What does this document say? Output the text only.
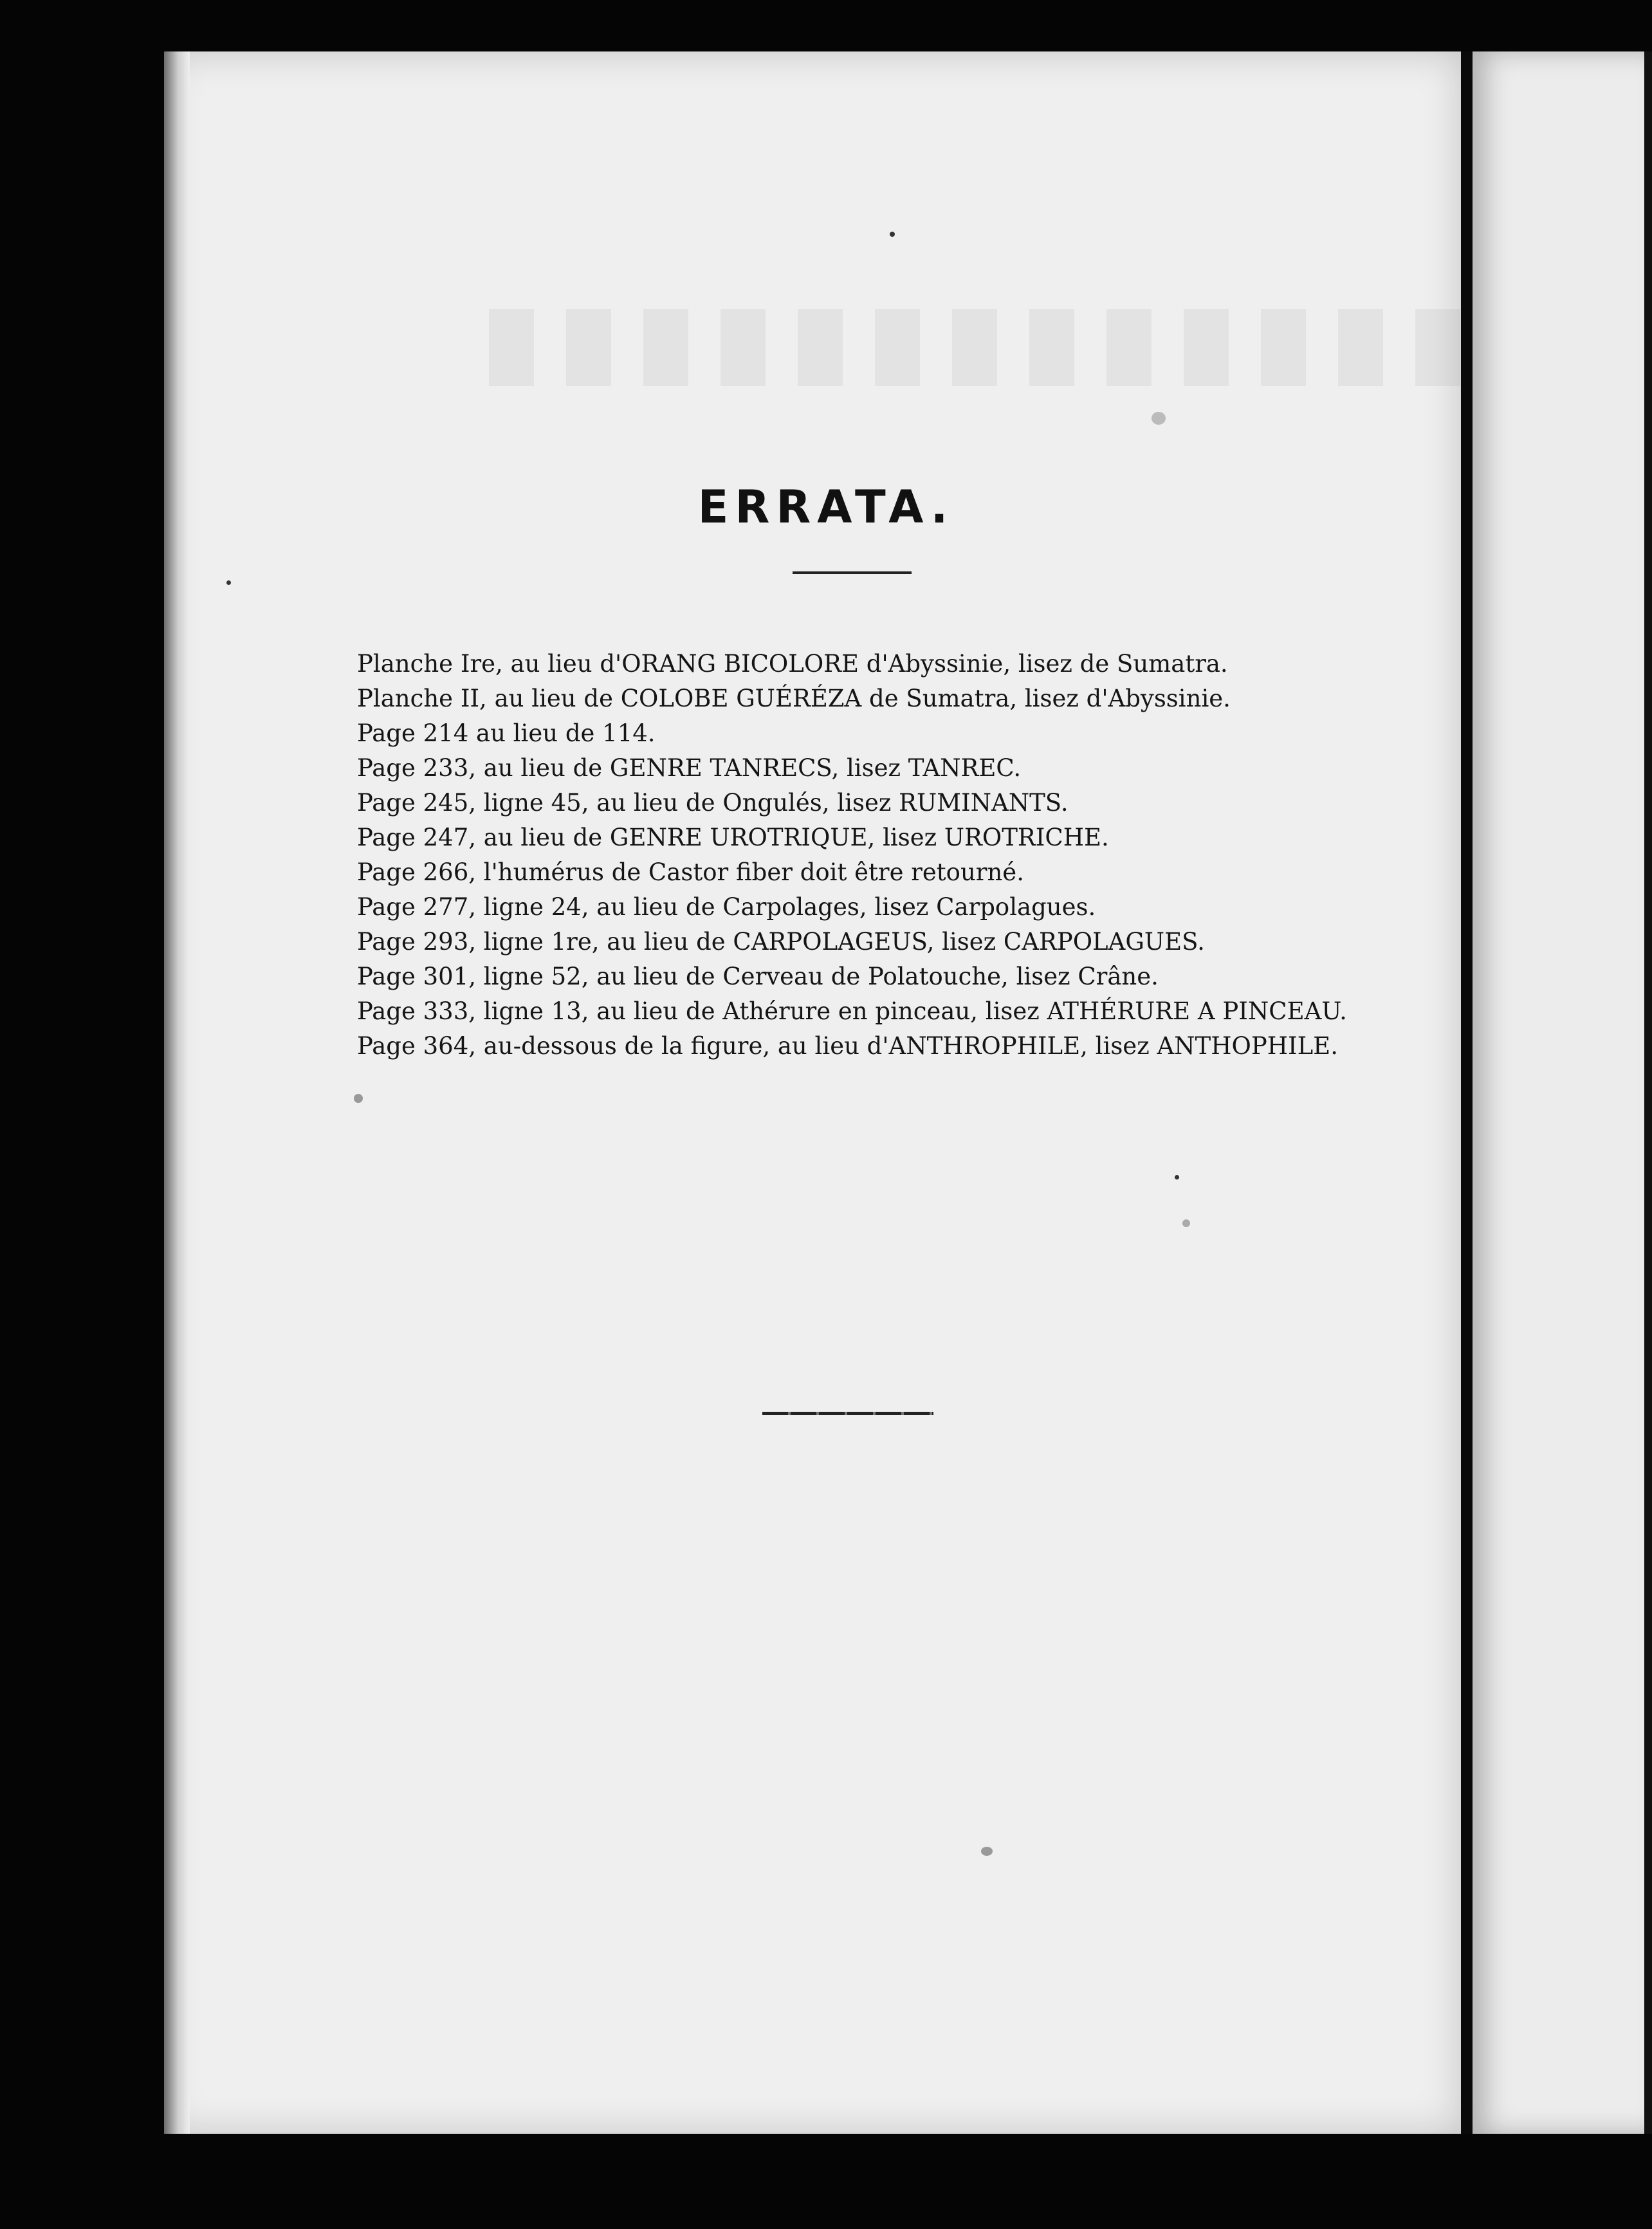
ERRATA.
Planche Ire, au lieu d'ORANG BICOLORE d'Abyssinie, lisez de Sumatra.
Planche II, au lieu de COLOBE GUÉRÉZA de Sumatra, lisez d'Abyssinie.
Page 214 au lieu de 114.
Page 233, au lieu de GENRE TANRECS, lisez TANREC.
Page 245, ligne 45, au lieu de Ongulés, lisez RUMINANTS.
Page 247, au lieu de GENRE UROTRIQUE, lisez UROTRICHE.
Page 266, l'humérus de Castor fiber doit être retourné.
Page 277, ligne 24, au lieu de Carpolages, lisez Carpolagues.
Page 293, ligne 1re, au lieu de CARPOLAGEUS, lisez CARPOLAGUES.
Page 301, ligne 52, au lieu de Cerveau de Polatouche, lisez Crâne.
Page 333, ligne 13, au lieu de Athérure en pinceau, lisez ATHÉRURE A PINCEAU.
Page 364, au-dessous de la figure, au lieu d'ANTHROPHILE, lisez ANTHOPHILE.
